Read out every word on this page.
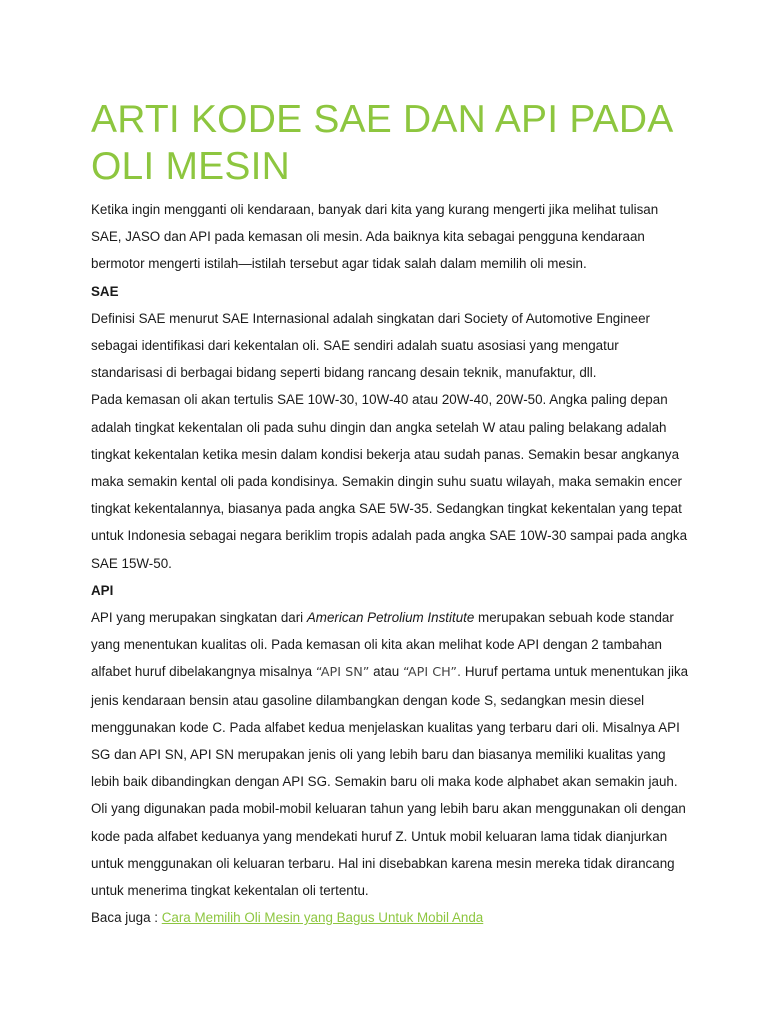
ARTI KODE SAE DAN API PADA OLI MESIN

Ketika ingin mengganti oli kendaraan, banyak dari kita yang kurang mengerti jika melihat tulisan SAE, JASO dan API pada kemasan oli mesin. Ada baiknya kita sebagai pengguna kendaraan bermotor mengerti istilah—istilah tersebut agar tidak salah dalam memilih oli mesin.

SAE

Definisi SAE menurut SAE Internasional adalah singkatan dari Society of Automotive Engineer sebagai identifikasi dari kekentalan oli. SAE sendiri adalah suatu asosiasi yang mengatur standarisasi di berbagai bidang seperti bidang rancang desain teknik, manufaktur, dll.

Pada kemasan oli akan tertulis SAE 10W-30, 10W-40 atau 20W-40, 20W-50. Angka paling depan adalah tingkat kekentalan oli pada suhu dingin dan angka setelah W atau paling belakang adalah tingkat kekentalan ketika mesin dalam kondisi bekerja atau sudah panas. Semakin besar angkanya maka semakin kental oli pada kondisinya. Semakin dingin suhu suatu wilayah, maka semakin encer tingkat kekentalannya, biasanya pada angka SAE 5W-35. Sedangkan tingkat kekentalan yang tepat untuk Indonesia sebagai negara beriklim tropis adalah pada angka SAE 10W-30 sampai pada angka SAE 15W-50.

API

API yang merupakan singkatan dari American Petrolium Institute merupakan sebuah kode standar yang menentukan kualitas oli. Pada kemasan oli kita akan melihat kode API dengan 2 tambahan alfabet huruf dibelakangnya misalnya “API SN” atau “API CH”. Huruf pertama untuk menentukan jika jenis kendaraan bensin atau gasoline dilambangkan dengan kode S, sedangkan mesin diesel menggunakan kode C. Pada alfabet kedua menjelaskan kualitas yang terbaru dari oli. Misalnya API SG dan API SN, API SN merupakan jenis oli yang lebih baru dan biasanya memiliki kualitas yang lebih baik dibandingkan dengan API SG. Semakin baru oli maka kode alphabet akan semakin jauh. Oli yang digunakan pada mobil-mobil keluaran tahun yang lebih baru akan menggunakan oli dengan kode pada alfabet keduanya yang mendekati huruf Z. Untuk mobil keluaran lama tidak dianjurkan untuk menggunakan oli keluaran terbaru. Hal ini disebabkan karena mesin mereka tidak dirancang untuk menerima tingkat kekentalan oli tertentu.

Baca juga : Cara Memilih Oli Mesin yang Bagus Untuk Mobil Anda
